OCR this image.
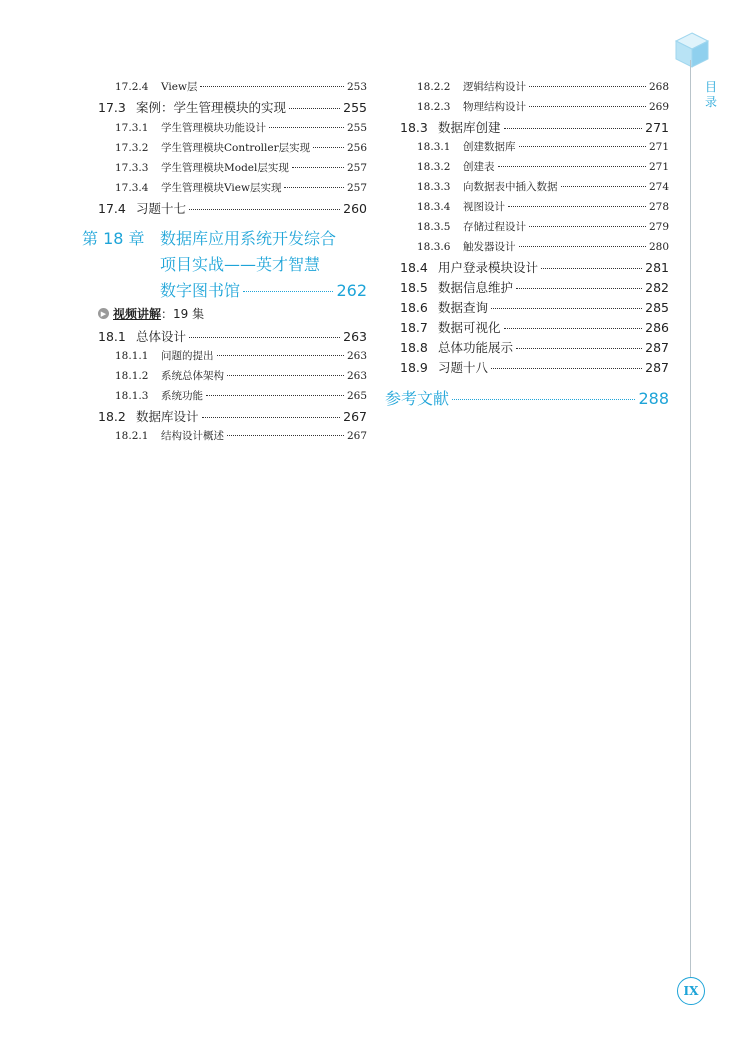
目录
17.2.4	View层	253
17.3 案例：学生管理模块的实现	255
17.3.1	学生管理模块功能设计	255
17.3.2	学生管理模块Controller层实现	256
17.3.3	学生管理模块Model层实现	257
17.3.4	学生管理模块View层实现	257
17.4 习题十七	260
第 18 章 数据库应用系统开发综合
项目实战——英才智慧
数字图书馆	262
▶ 视频讲解 ：19 集
18.1 总体设计	263
18.1.1	问题的提出	263
18.1.2	系统总体架构	263
18.1.3	系统功能	265
18.2 数据库设计	267
18.2.1	结构设计概述	267
18.2.2	逻辑结构设计	268
18.2.3	物理结构设计	269
18.3 数据库创建	271
18.3.1	创建数据库	271
18.3.2	创建表	271
18.3.3	向数据表中插入数据	274
18.3.4	视图设计	278
18.3.5	存储过程设计	279
18.3.6	触发器设计	280
18.4 用户登录模块设计	281
18.5 数据信息维护	282
18.6 数据查询	285
18.7 数据可视化	286
18.8 总体功能展示	287
18.9 习题十八	287
参考文献	288
IX
